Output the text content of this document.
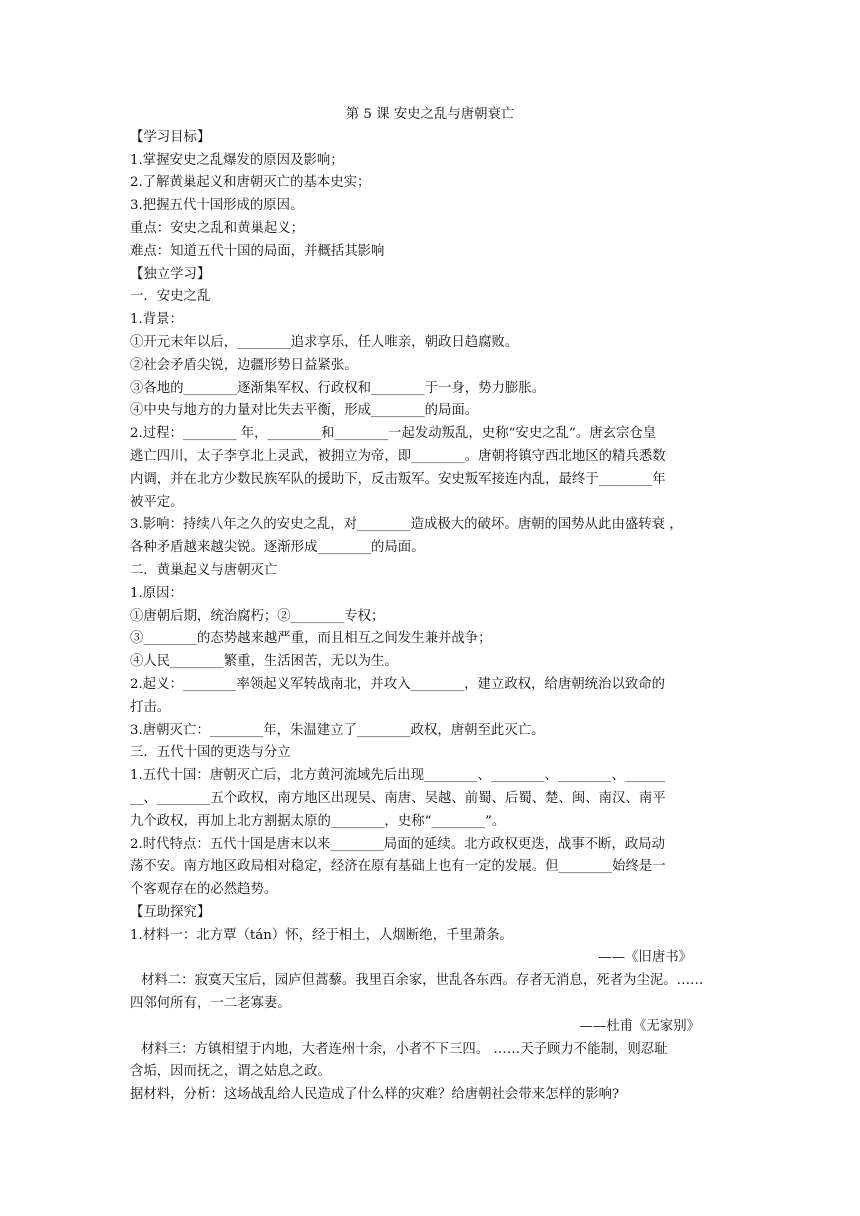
第 5 课 安史之乱与唐朝衰亡
【学习目标】
1.掌握安史之乱爆发的原因及影响；
2.了解黄巢起义和唐朝灭亡的基本史实；
3.把握五代十国形成的原因。
重点：安史之乱和黄巢起义；
难点：知道五代十国的局面，并概括其影响
【独立学习】
一．安史之乱
1.背景：
①开元末年以后，________追求享乐，任人唯亲，朝政日趋腐败。
②社会矛盾尖锐，边疆形势日益紧张。
③各地的________逐渐集军权、行政权和________于一身，势力膨胀。
④中央与地方的力量对比失去平衡，形成________的局面。
2.过程：________ 年，________和________一起发动叛乱，史称“安史之乱”。唐玄宗仓皇
逃亡四川，太子李亨北上灵武，被拥立为帝，即________。唐朝将镇守西北地区的精兵悉数
内调，并在北方少数民族军队的援助下，反击叛军。安史叛军接连内乱，最终于________年
被平定。
3.影响：持续八年之久的安史之乱，对________造成极大的破坏。唐朝的国势从此由盛转衰 ，
各种矛盾越来越尖锐。逐渐形成________的局面。
二．黄巢起义与唐朝灭亡
1.原因：
①唐朝后期，统治腐朽；②________专权；
③________的态势越来越严重，而且相互之间发生兼并战争；
④人民________繁重，生活困苦，无以为生。
2.起义：________率领起义军转战南北，并攻入________，建立政权，给唐朝统治以致命的
打击。
3.唐朝灭亡：________年，朱温建立了________政权，唐朝至此灭亡。
三．五代十国的更迭与分立
1.五代十国：唐朝灭亡后，北方黄河流域先后出现________、________、________、______
__、________五个政权，南方地区出现吴、南唐、吴越、前蜀、后蜀、楚、闽、南汉、南平
九个政权，再加上北方割据太原的________，史称“________”。
2.时代特点：五代十国是唐末以来________局面的延续。北方政权更迭，战事不断，政局动
荡不安。南方地区政局相对稳定，经济在原有基础上也有一定的发展。但________始终是一
个客观存在的必然趋势。
【互助探究】
1.材料一：北方覃（tán）怀，经于相土，人烟断绝，千里萧条。
——《旧唐书》
材料二：寂寞天宝后，园庐但蒿藜。我里百余家，世乱各东西。存者无消息，死者为尘泥。……
四邻何所有，一二老寡妻。
——杜甫《无家别》
材料三：方镇相望于内地，大者连州十余，小者不下三四。 ……天子顾力不能制，则忍耻
含垢，因而抚之，谓之姑息之政。
据材料，分析：这场战乱给人民造成了什么样的灾难？给唐朝社会带来怎样的影响?
